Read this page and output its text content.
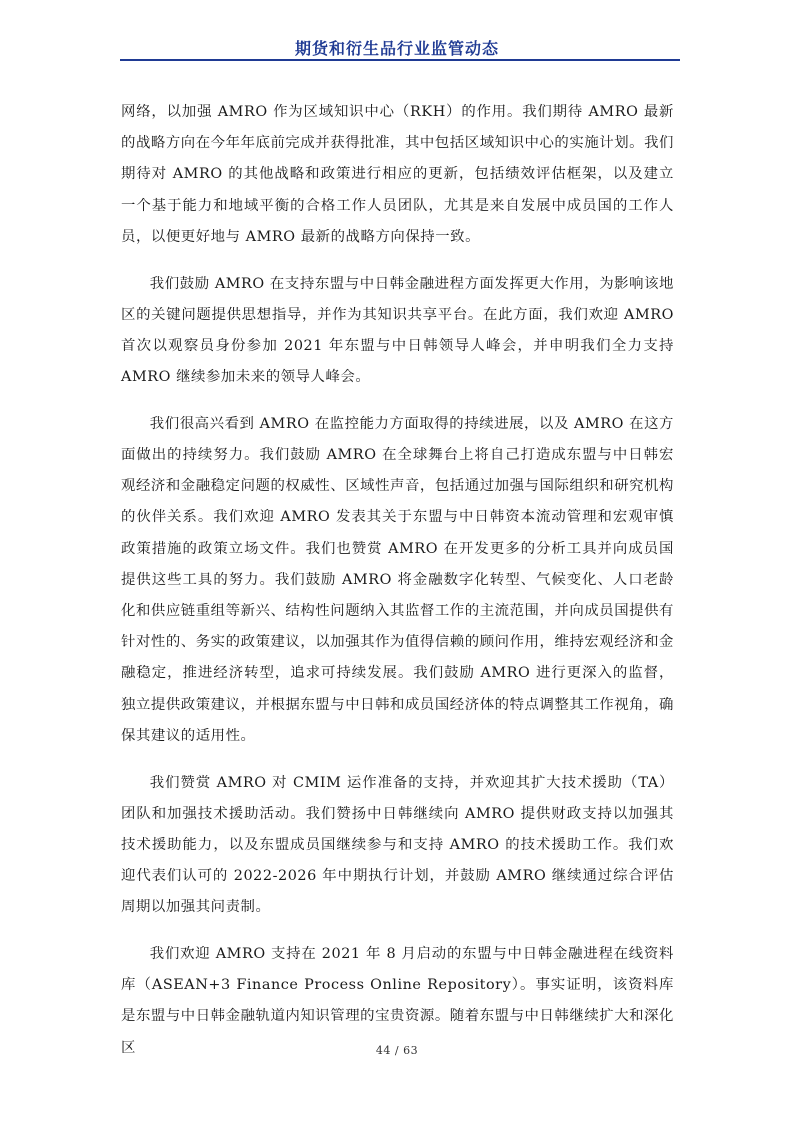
期货和衍生品行业监管动态

网络，以加强 AMRO 作为区域知识中心（RKH）的作用。我们期待 AMRO 最新的战略方向在今年年底前完成并获得批准，其中包括区域知识中心的实施计划。我们期待对 AMRO 的其他战略和政策进行相应的更新，包括绩效评估框架，以及建立一个基于能力和地域平衡的合格工作人员团队，尤其是来自发展中成员国的工作人员，以便更好地与 AMRO 最新的战略方向保持一致。

我们鼓励 AMRO 在支持东盟与中日韩金融进程方面发挥更大作用，为影响该地区的关键问题提供思想指导，并作为其知识共享平台。在此方面，我们欢迎 AMRO 首次以观察员身份参加 2021 年东盟与中日韩领导人峰会，并申明我们全力支持 AMRO 继续参加未来的领导人峰会。

我们很高兴看到 AMRO 在监控能力方面取得的持续进展，以及 AMRO 在这方面做出的持续努力。我们鼓励 AMRO 在全球舞台上将自己打造成东盟与中日韩宏观经济和金融稳定问题的权威性、区域性声音，包括通过加强与国际组织和研究机构的伙伴关系。我们欢迎 AMRO 发表其关于东盟与中日韩资本流动管理和宏观审慎政策措施的政策立场文件。我们也赞赏 AMRO 在开发更多的分析工具并向成员国提供这些工具的努力。我们鼓励 AMRO 将金融数字化转型、气候变化、人口老龄化和供应链重组等新兴、结构性问题纳入其监督工作的主流范围，并向成员国提供有针对性的、务实的政策建议，以加强其作为值得信赖的顾问作用，维持宏观经济和金融稳定，推进经济转型，追求可持续发展。我们鼓励 AMRO 进行更深入的监督，独立提供政策建议，并根据东盟与中日韩和成员国经济体的特点调整其工作视角，确保其建议的适用性。

我们赞赏 AMRO 对 CMIM 运作准备的支持，并欢迎其扩大技术援助（TA）团队和加强技术援助活动。我们赞扬中日韩继续向 AMRO 提供财政支持以加强其技术援助能力，以及东盟成员国继续参与和支持 AMRO 的技术援助工作。我们欢迎代表们认可的 2022-2026 年中期执行计划，并鼓励 AMRO 继续通过综合评估周期以加强其问责制。

我们欢迎 AMRO 支持在 2021 年 8 月启动的东盟与中日韩金融进程在线资料库（ASEAN+3 Finance Process Online Repository）。事实证明，该资料库是东盟与中日韩金融轨道内知识管理的宝贵资源。随着东盟与中日韩继续扩大和深化区	44 / 63
